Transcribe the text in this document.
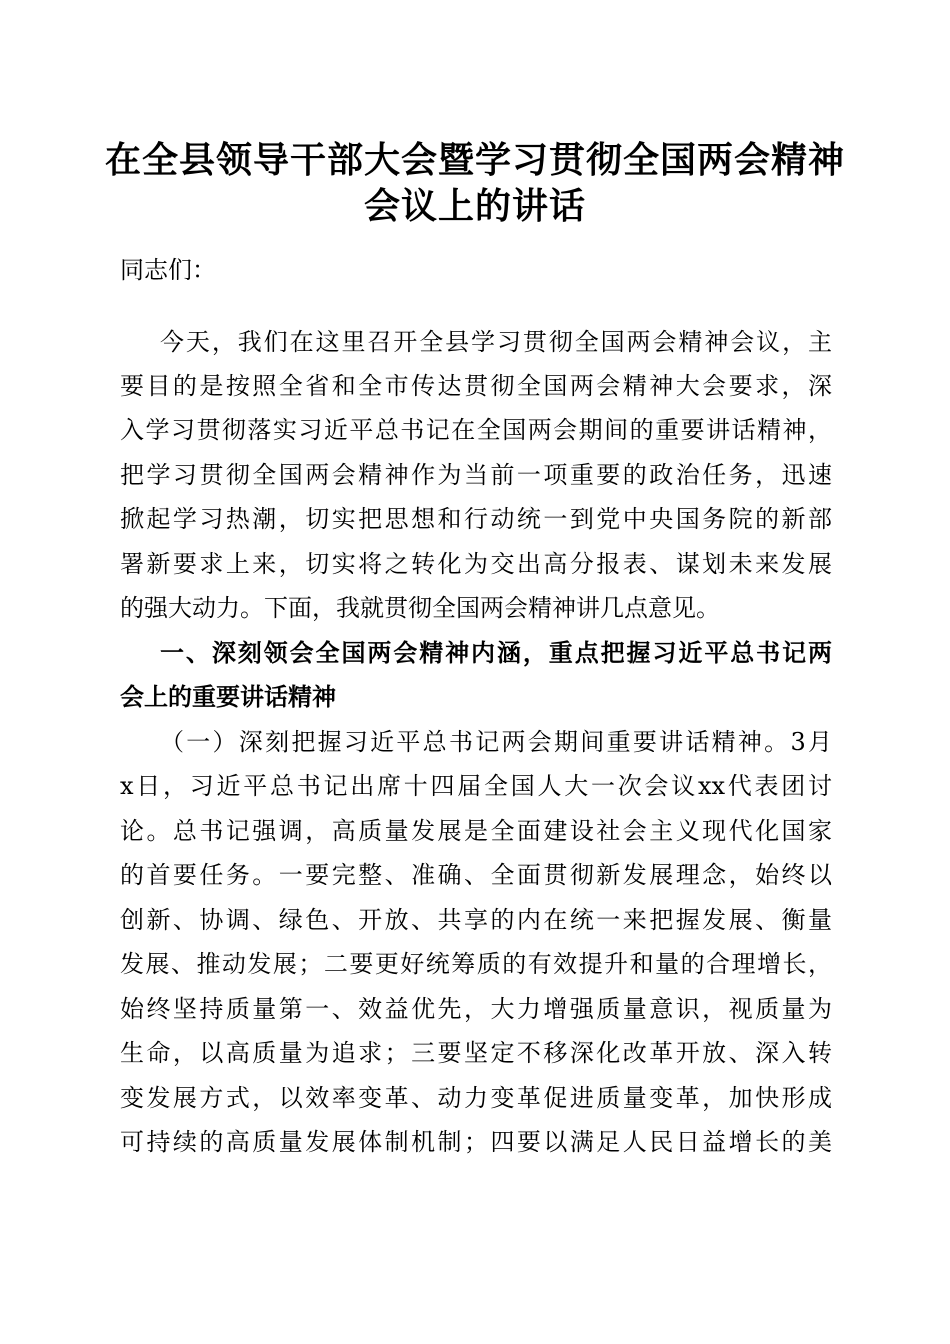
在全县领导干部大会暨学习贯彻全国两会精神
会议上的讲话
同志们：
今天，我们在这里召开全县学习贯彻全国两会精神会议，主
要目的是按照全省和全市传达贯彻全国两会精神大会要求，深
入学习贯彻落实习近平总书记在全国两会期间的重要讲话精神，
把学习贯彻全国两会精神作为当前一项重要的政治任务，迅速
掀起学习热潮，切实把思想和行动统一到党中央国务院的新部
署新要求上来，切实将之转化为交出高分报表、谋划未来发展
的强大动力。下面，我就贯彻全国两会精神讲几点意见。
一、深刻领会全国两会精神内涵，重点把握习近平总书记两
会上的重要讲话精神
（一）深刻把握习近平总书记两会期间重要讲话精神。3月
x日，习近平总书记出席十四届全国人大一次会议xx代表团讨
论。总书记强调，高质量发展是全面建设社会主义现代化国家
的首要任务。一要完整、准确、全面贯彻新发展理念，始终以
创新、协调、绿色、开放、共享的内在统一来把握发展、衡量
发展、推动发展；二要更好统筹质的有效提升和量的合理增长，
始终坚持质量第一、效益优先，大力增强质量意识，视质量为
生命，以高质量为追求；三要坚定不移深化改革开放、深入转
变发展方式，以效率变革、动力变革促进质量变革，加快形成
可持续的高质量发展体制机制；四要以满足人民日益增长的美
